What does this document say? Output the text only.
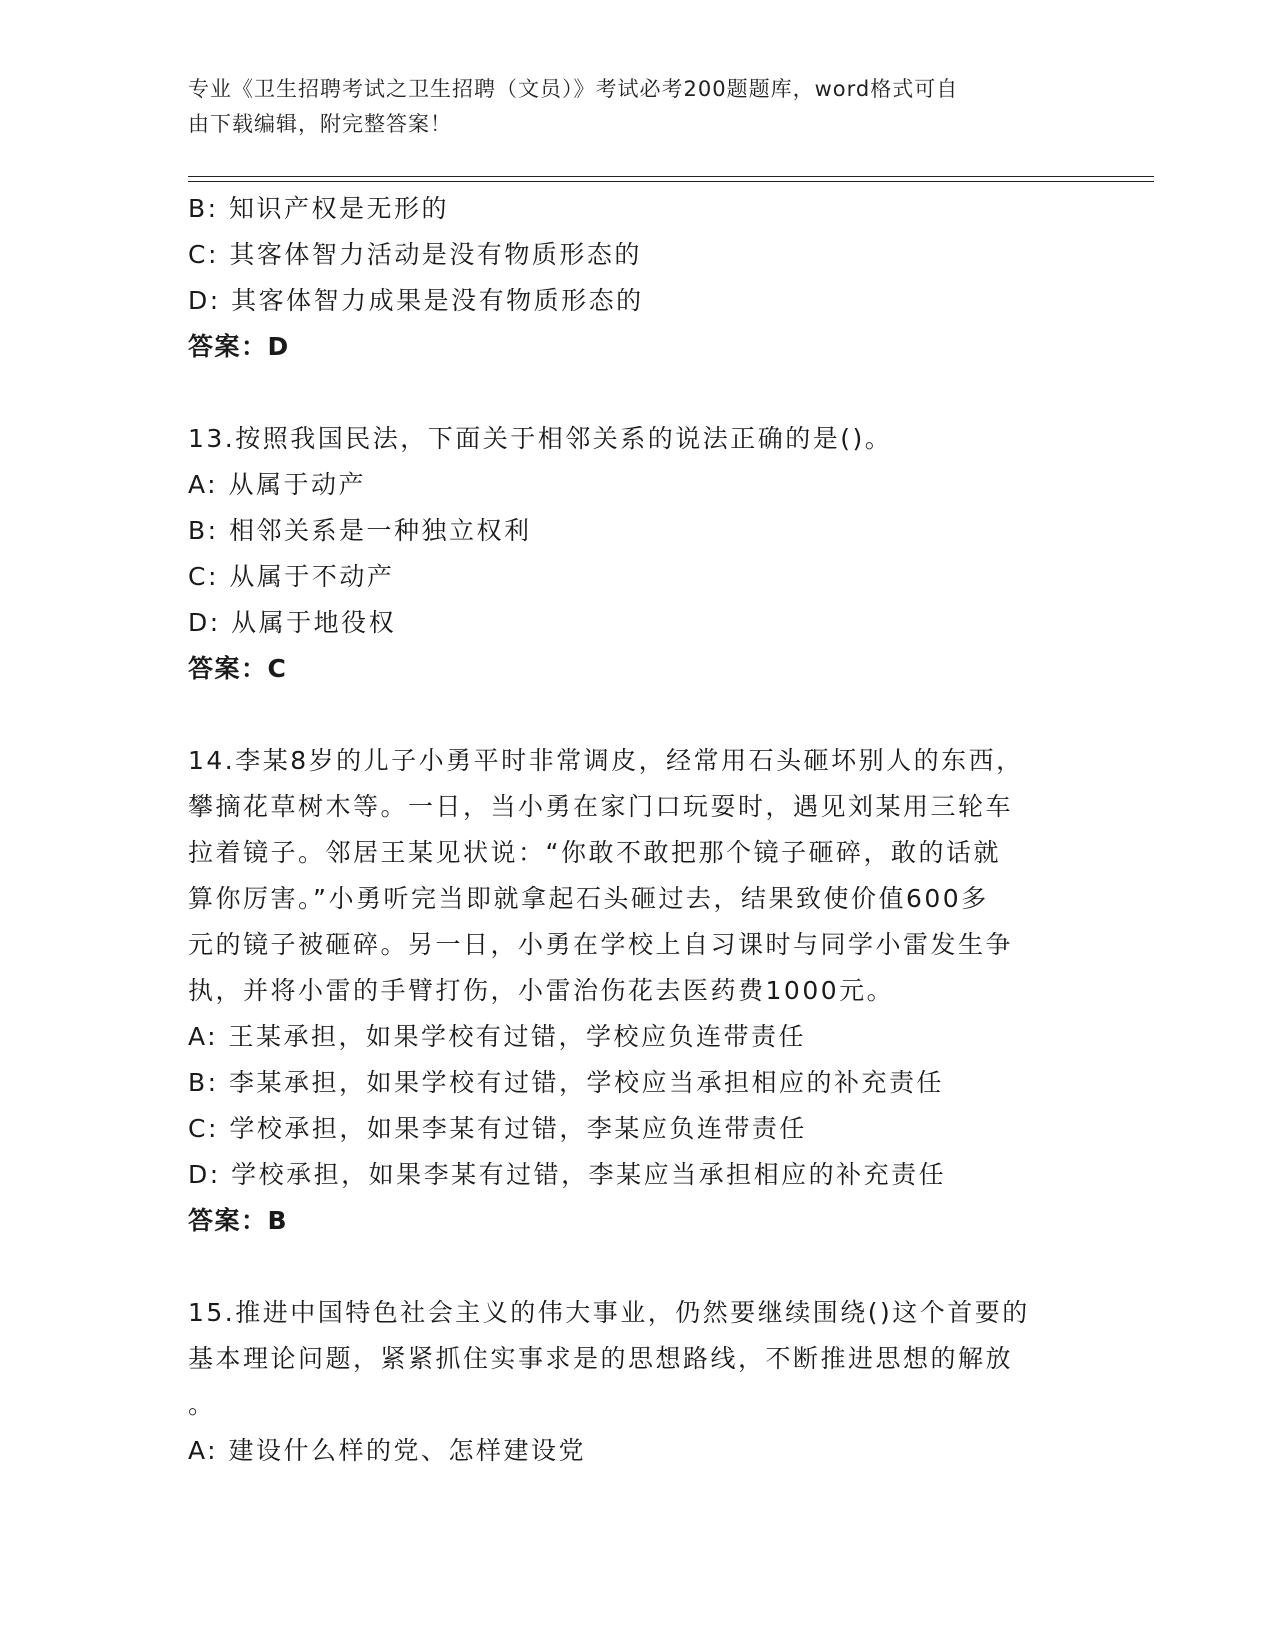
专业《卫生招聘考试之卫生招聘（文员）》考试必考200题题库，word格式可自
由下载编辑，附完整答案！
B: 知识产权是无形的
C: 其客体智力活动是没有物质形态的
D: 其客体智力成果是没有物质形态的
答案：D
13.按照我国民法，下面关于相邻关系的说法正确的是()。
A: 从属于动产
B: 相邻关系是一种独立权利
C: 从属于不动产
D: 从属于地役权
答案：C
14.李某8岁的儿子小勇平时非常调皮，经常用石头砸坏别人的东西，
攀摘花草树木等。一日，当小勇在家门口玩耍时，遇见刘某用三轮车
拉着镜子。邻居王某见状说：“你敢不敢把那个镜子砸碎，敢的话就
算你厉害。”小勇听完当即就拿起石头砸过去，结果致使价值600多
元的镜子被砸碎。另一日，小勇在学校上自习课时与同学小雷发生争
执，并将小雷的手臂打伤，小雷治伤花去医药费1000元。
A: 王某承担，如果学校有过错，学校应负连带责任
B: 李某承担，如果学校有过错，学校应当承担相应的补充责任
C: 学校承担，如果李某有过错，李某应负连带责任
D: 学校承担，如果李某有过错，李某应当承担相应的补充责任
答案：B
15.推进中国特色社会主义的伟大事业，仍然要继续围绕()这个首要的
基本理论问题，紧紧抓住实事求是的思想路线，不断推进思想的解放
。
A: 建设什么样的党、怎样建设党
